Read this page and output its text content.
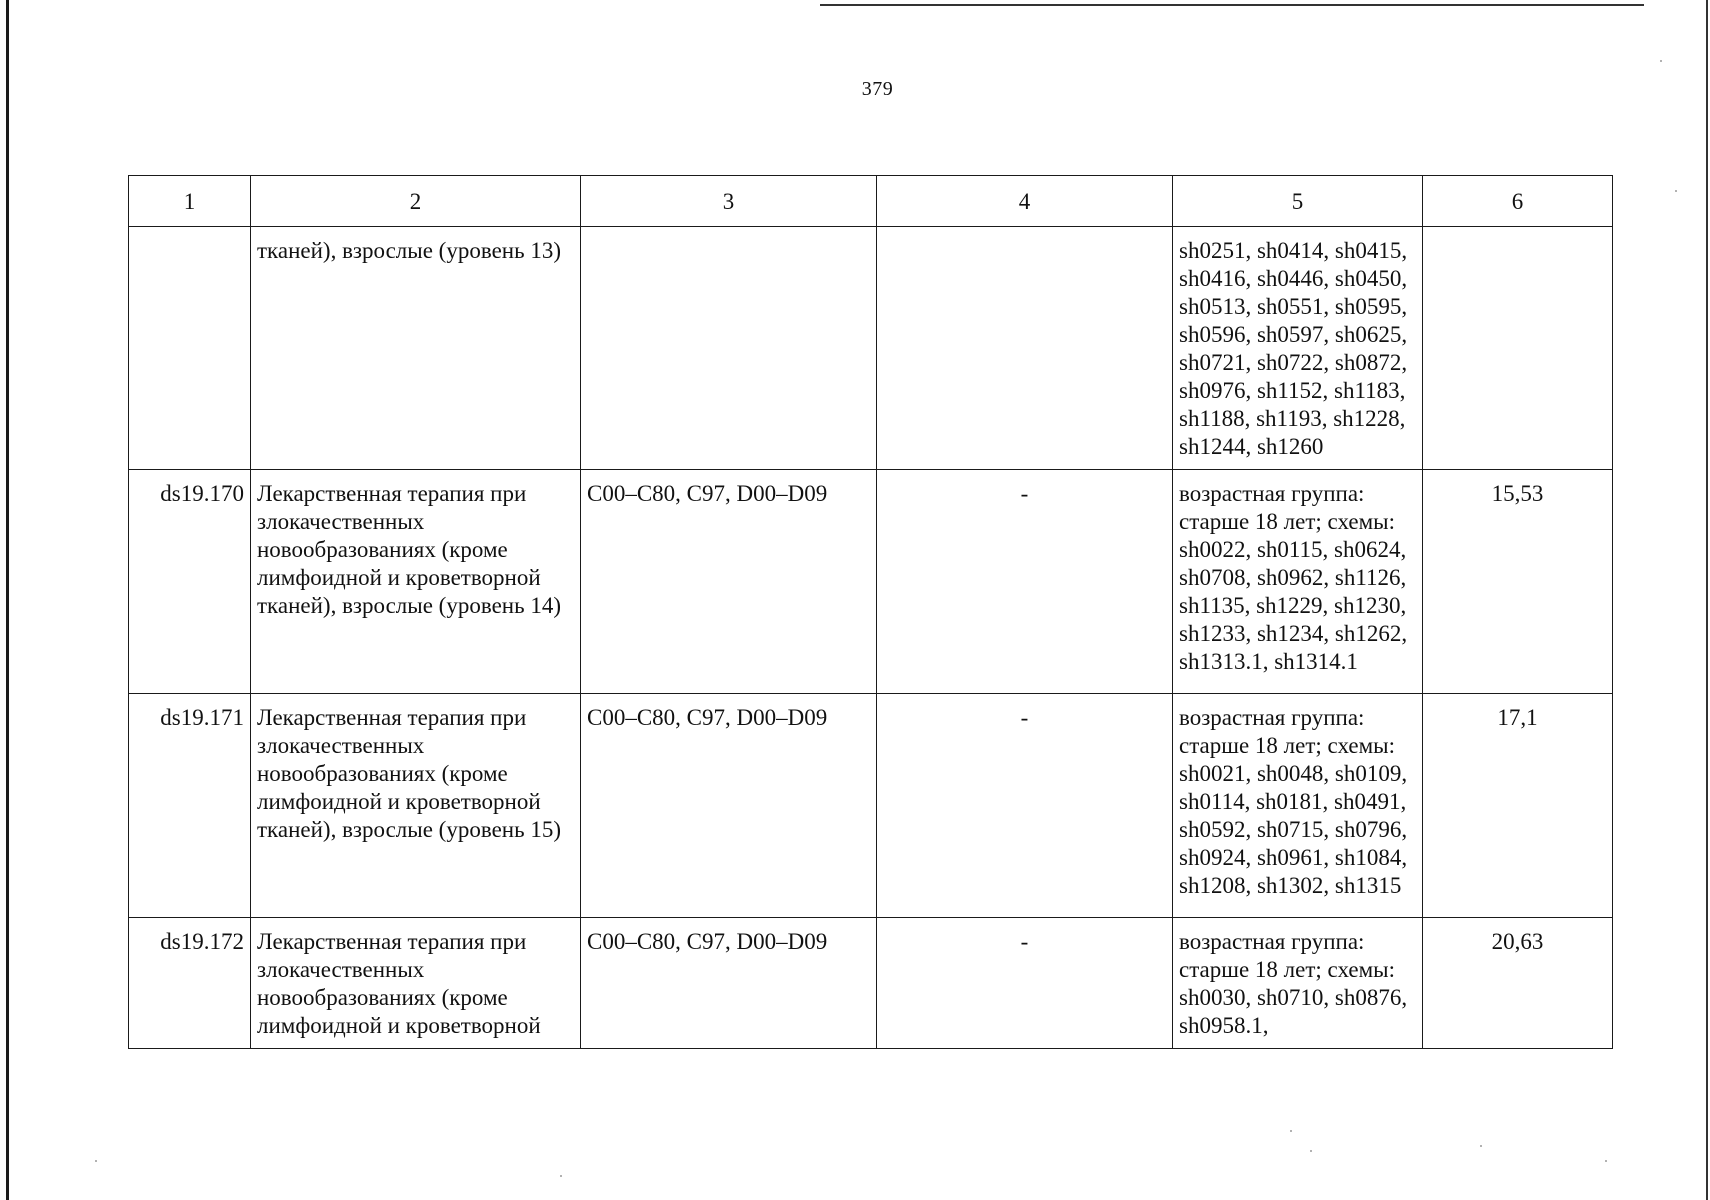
379
1	2	3	4	5	6
	тканей), взрослые (уровень 13)			sh0251, sh0414, sh0415, sh0416, sh0446, sh0450, sh0513, sh0551, sh0595, sh0596, sh0597, sh0625, sh0721, sh0722, sh0872, sh0976, sh1152, sh1183, sh1188, sh1193, sh1228, sh1244, sh1260	
ds19.170	Лекарственная терапия при злокачественных новообразованиях (кроме лимфоидной и кроветворной тканей), взрослые (уровень 14)	C00–C80, C97, D00–D09	-	возрастная группа: старше 18 лет; схемы: sh0022, sh0115, sh0624, sh0708, sh0962, sh1126, sh1135, sh1229, sh1230, sh1233, sh1234, sh1262, sh1313.1, sh1314.1	15,53
ds19.171	Лекарственная терапия при злокачественных новообразованиях (кроме лимфоидной и кроветворной тканей), взрослые (уровень 15)	C00–C80, C97, D00–D09	-	возрастная группа: старше 18 лет; схемы: sh0021, sh0048, sh0109, sh0114, sh0181, sh0491, sh0592, sh0715, sh0796, sh0924, sh0961, sh1084, sh1208, sh1302, sh1315	17,1
ds19.172	Лекарственная терапия при злокачественных новообразованиях (кроме лимфоидной и кроветворной	C00–C80, C97, D00–D09	-	возрастная группа: старше 18 лет; схемы: sh0030, sh0710, sh0876, sh0958.1,	20,63
